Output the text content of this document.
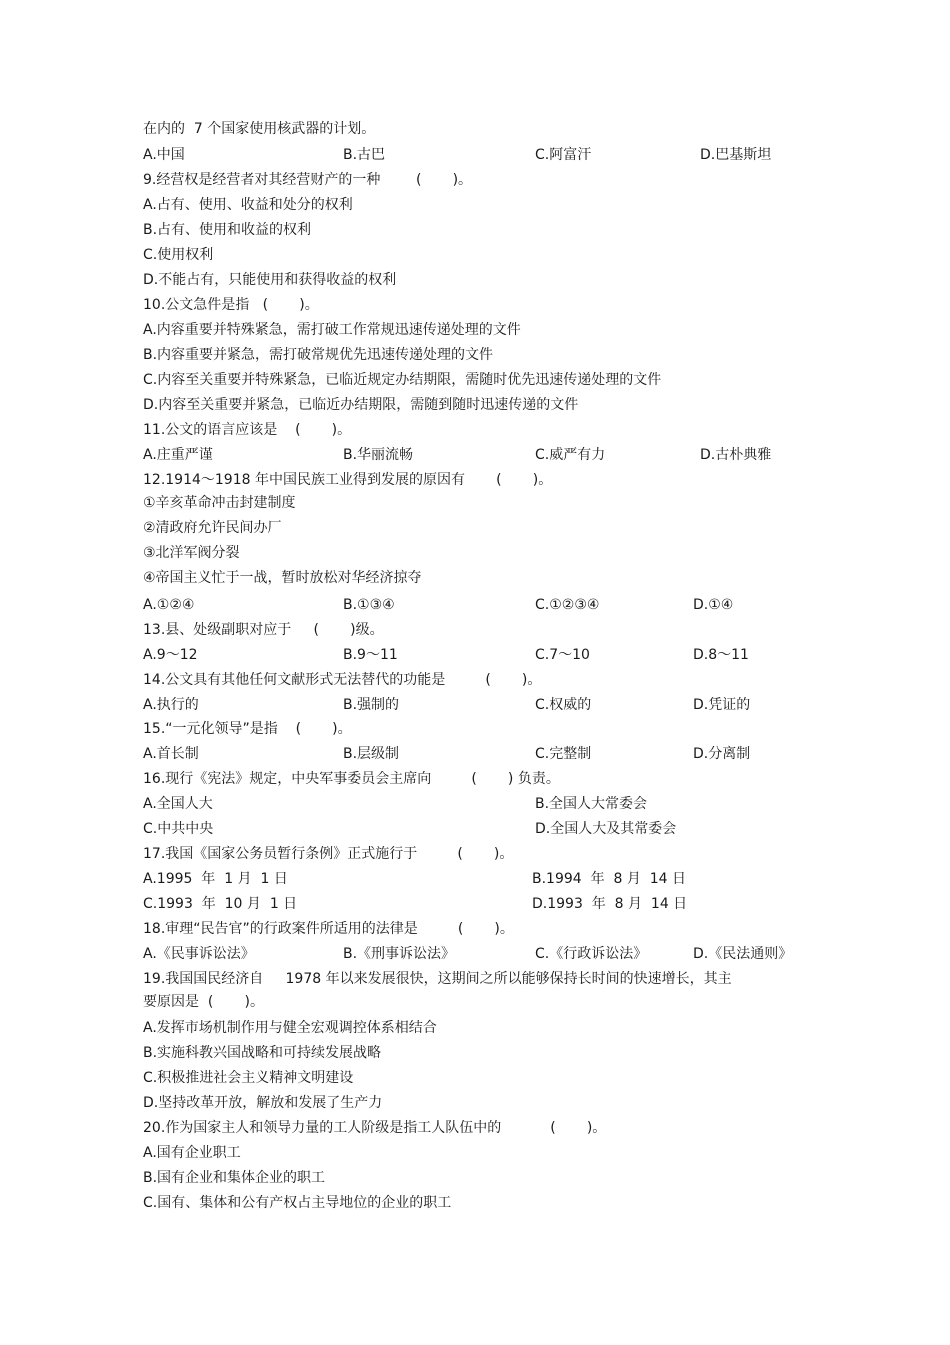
在内的  7 个国家使用核武器的计划。
A.中国	B.古巴	C.阿富汗	D.巴基斯坦
9.经营权是经营者对其经营财产的一种        (       )。
A.占有、使用、收益和处分的权利
B.占有、使用和收益的权利
C.使用权利
D.不能占有，只能使用和获得收益的权利
10.公文急件是指   (       )。
A.内容重要并特殊紧急，需打破工作常规迅速传递处理的文件
B.内容重要并紧急，需打破常规优先迅速传递处理的文件
C.内容至关重要并特殊紧急，已临近规定办结期限，需随时优先迅速传递处理的文件
D.内容至关重要并紧急，已临近办结期限，需随到随时迅速传递的文件
11.公文的语言应该是    (       )。
A.庄重严谨	B.华丽流畅	C.威严有力	D.古朴典雅
12.1914～1918 年中国民族工业得到发展的原因有       (       )。
①辛亥革命冲击封建制度
②清政府允许民间办厂
③北洋军阀分裂
④帝国主义忙于一战，暂时放松对华经济掠夺
A.①②④	B.①③④	C.①②③④	D.①④
13.县、处级副职对应于     (       )级。
A.9～12	B.9～11	C.7～10	D.8～11
14.公文具有其他任何文献形式无法替代的功能是         (       )。
A.执行的	B.强制的	C.权威的	D.凭证的
15.“一元化领导”是指    (       )。
A.首长制	B.层级制	C.完整制	D.分离制
16.现行《宪法》规定，中央军事委员会主席向         (       ) 负责。
A.全国人大	B.全国人大常委会
C.中共中央	D.全国人大及其常委会
17.我国《国家公务员暂行条例》正式施行于         (       )。
A.1995  年  1 月  1 日	B.1994  年  8 月  14 日
C.1993  年  10 月  1 日	D.1993  年  8 月  14 日
18.审理“民告官”的行政案件所适用的法律是         (       )。
A.《民事诉讼法》	B.《刑事诉讼法》	C.《行政诉讼法》	D.《民法通则》
19.我国国民经济自     1978 年以来发展很快，这期间之所以能够保持长时间的快速增长，其主
要原因是  (       )。
A.发挥市场机制作用与健全宏观调控体系相结合
B.实施科教兴国战略和可持续发展战略
C.积极推进社会主义精神文明建设
D.坚持改革开放，解放和发展了生产力
20.作为国家主人和领导力量的工人阶级是指工人队伍中的           (       )。
A.国有企业职工
B.国有企业和集体企业的职工
C.国有、集体和公有产权占主导地位的企业的职工
